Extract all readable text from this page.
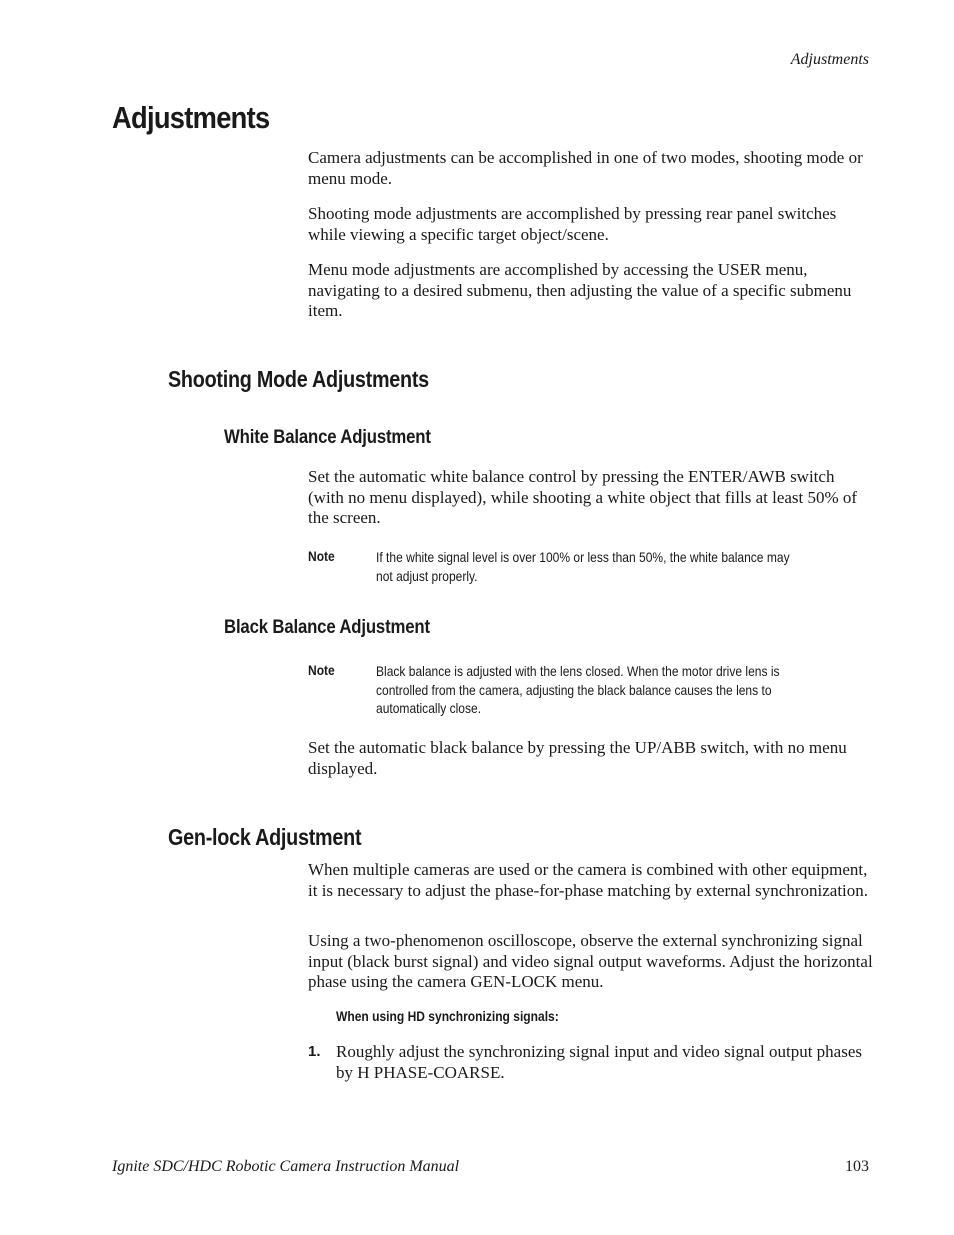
Adjustments
Adjustments

Camera adjustments can be accomplished in one of two modes, shooting mode or menu mode.

Shooting mode adjustments are accomplished by pressing rear panel switches while viewing a specific target object/scene.

Menu mode adjustments are accomplished by accessing the USER menu, navigating to a desired submenu, then adjusting the value of a specific submenu item.

Shooting Mode Adjustments
White Balance Adjustment

Set the automatic white balance control by pressing the ENTER/AWB switch (with no menu displayed), while shooting a white object that fills at least 50% of the screen.

Note	If the white signal level is over 100% or less than 50%, the white balance may
not adjust properly.
Black Balance Adjustment
Note	Black balance is adjusted with the lens closed. When the motor drive lens is
controlled from the camera, adjusting the black balance causes the lens to
automatically close.

Set the automatic black balance by pressing the UP/ABB switch, with no menu displayed.

Gen-lock Adjustment

When multiple cameras are used or the camera is combined with other equipment, it is necessary to adjust the phase-for-phase matching by external synchronization.

Using a two-phenomenon oscilloscope, observe the external synchronizing signal input (black burst signal) and video signal output waveforms. Adjust the horizontal phase using the camera GEN-LOCK menu.

When using HD synchronizing signals:
1. Roughly adjust the synchronizing signal input and video signal output phases by H PHASE-COARSE.

Ignite SDC/HDC Robotic Camera Instruction Manual	103
